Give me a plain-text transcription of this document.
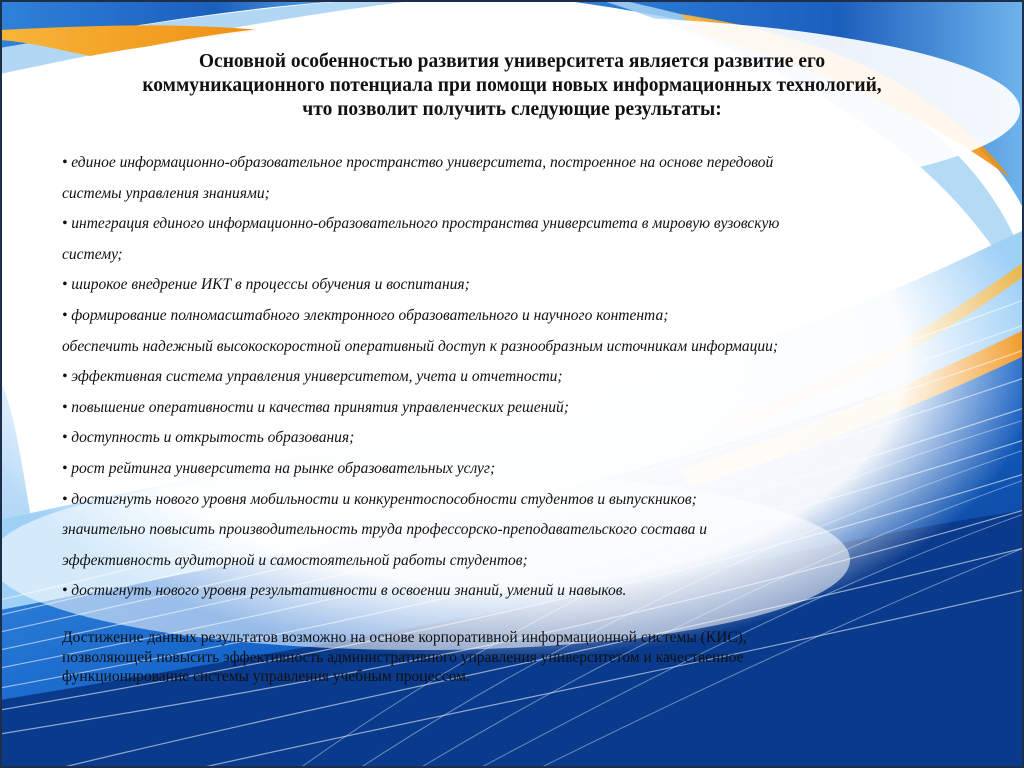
Основной особенностью развития университета является развитие его
коммуникационного потенциала при помощи новых информационных технологий,
что позволит получить следующие результаты:
• единое информационно-образовательное пространство университета, построенное на основе передовой
системы управления знаниями;
• интеграция единого информационно-образовательного пространства университета в мировую вузовскую
систему;
• широкое внедрение ИКТ в процессы обучения и воспитания;
• формирование полномасштабного электронного образовательного и научного контента;
обеспечить надежный высокоскоростной оперативный доступ к разнообразным источникам информации;
• эффективная система управления университетом, учета и отчетности;
• повышение оперативности и качества принятия управленческих решений;
• доступность и открытость образования;
• рост рейтинга университета на рынке образовательных услуг;
• достигнуть нового уровня мобильности и конкурентоспособности студентов и выпускников;
значительно повысить производительность труда профессорско-преподавательского состава и
эффективность аудиторной и самостоятельной работы студентов;
• достигнуть нового уровня результативности в освоении знаний, умений и навыков.

Достижение данных результатов возможно на основе корпоративной информационной системы (КИС),
позволяющей повысить эффективность административного управления университетом и качественное
функционирование системы управления учебным процессом.
